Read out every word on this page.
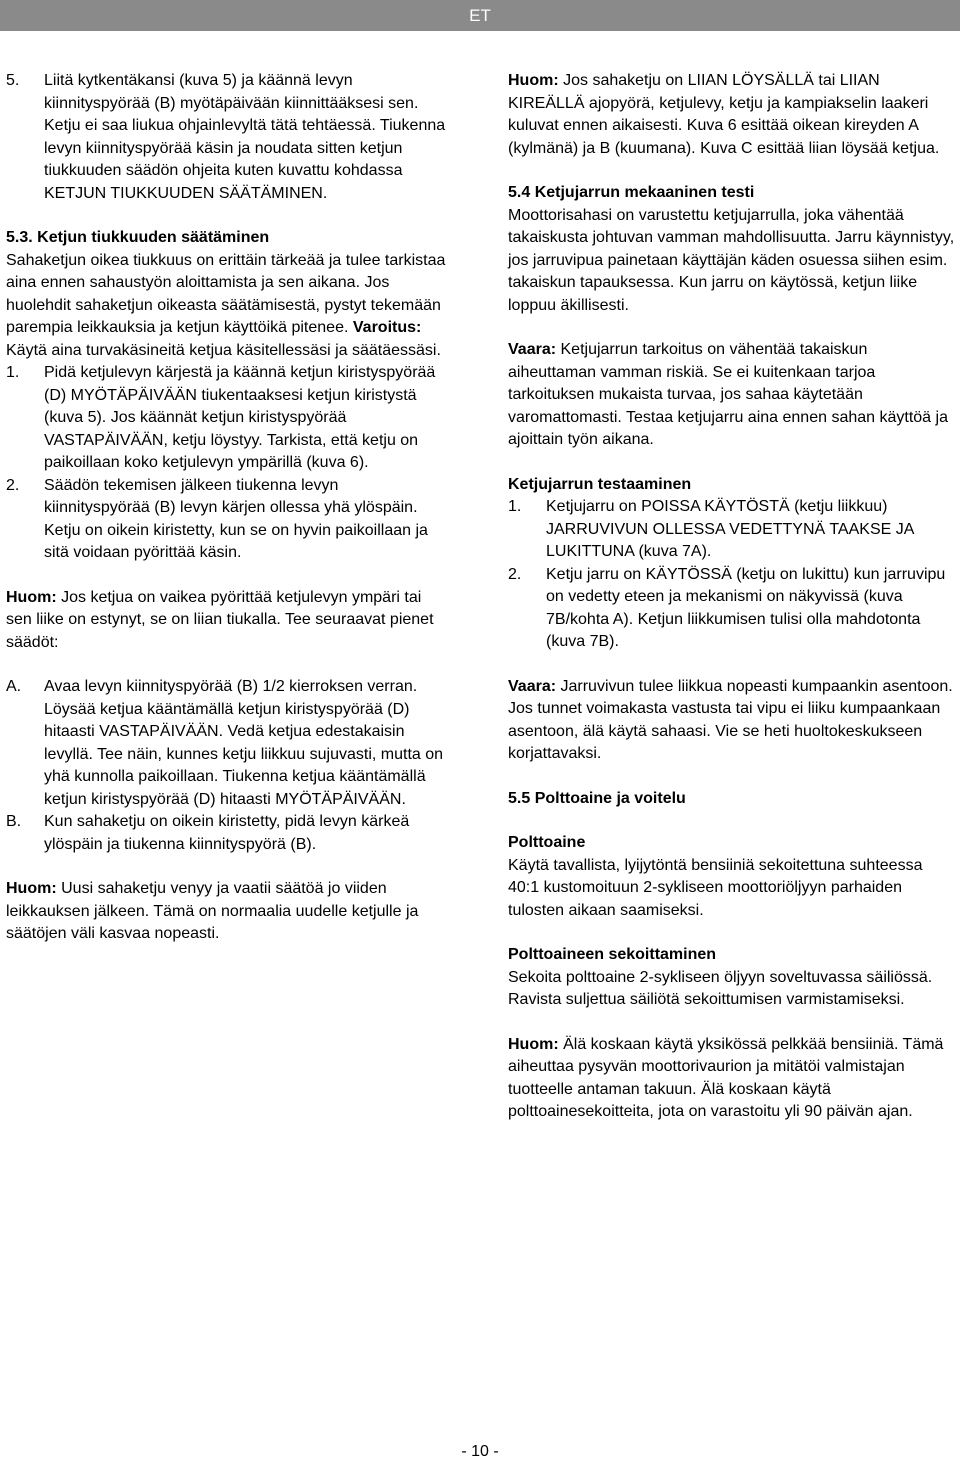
ET
5.	Liitä kytkentäkansi (kuva 5) ja käännä levyn kiinnityspyörää (B) myötäpäivään kiinnittääksesi sen. Ketju ei saa liukua ohjainlevyltä tätä tehtäessä. Tiukenna levyn kiinnityspyörää käsin ja noudata sitten ketjun tiukkuuden säädön ohjeita kuten kuvattu kohdassa KETJUN TIUKKUUDEN SÄÄTÄMINEN.

5.3. Ketjun tiukkuuden säätäminen

Sahaketjun oikea tiukkuus on erittäin tärkeää ja tulee tarkistaa aina ennen sahaustyön aloittamista ja sen aikana. Jos huolehdit sahaketjun oikeasta säätämisestä, pystyt tekemään parempia leikkauksia ja ketjun käyttöikä pitenee. Varoitus: Käytä aina turvakäsineitä ketjua käsitellessäsi ja säätäessäsi.

1.	Pidä ketjulevyn kärjestä ja käännä ketjun kiristyspyörää (D) MYÖTÄPÄIVÄÄN tiukentaaksesi ketjun kiristystä (kuva 5). Jos käännät ketjun kiristyspyörää VASTAPÄIVÄÄN, ketju löystyy. Tarkista, että ketju on paikoillaan koko ketjulevyn ympärillä (kuva 6).
2.	Säädön tekemisen jälkeen tiukenna levyn kiinnityspyörää (B) levyn kärjen ollessa yhä ylöspäin. Ketju on oikein kiristetty, kun se on hyvin paikoillaan ja sitä voidaan pyörittää käsin.

Huom: Jos ketjua on vaikea pyörittää ketjulevyn ympäri tai sen liike on estynyt, se on liian tiukalla. Tee seuraavat pienet säädöt:

A.	Avaa levyn kiinnityspyörää (B) 1/2 kierroksen verran. Löysää ketjua kääntämällä ketjun kiristyspyörää (D) hitaasti VASTAPÄIVÄÄN. Vedä ketjua edestakaisin levyllä. Tee näin, kunnes ketju liikkuu sujuvasti, mutta on yhä kunnolla paikoillaan. Tiukenna ketjua kääntämällä ketjun kiristyspyörää (D) hitaasti MYÖTÄPÄIVÄÄN.
B.	Kun sahaketju on oikein kiristetty, pidä levyn kärkeä ylöspäin ja tiukenna kiinnityspyörä (B).

Huom: Uusi sahaketju venyy ja vaatii säätöä jo viiden leikkauksen jälkeen. Tämä on normaalia uudelle ketjulle ja säätöjen väli kasvaa nopeasti.

Huom: Jos sahaketju on LIIAN LÖYSÄLLÄ tai LIIAN KIREÄLLÄ ajopyörä, ketjulevy, ketju ja kampiakselin laakeri kuluvat ennen aikaisesti. Kuva 6 esittää oikean kireyden A (kylmänä) ja B (kuumana). Kuva C esittää liian löysää ketjua.

5.4 Ketjujarrun mekaaninen testi

Moottorisahasi on varustettu ketjujarrulla, joka vähentää takaiskusta johtuvan vamman mahdollisuutta. Jarru käynnistyy, jos jarruvipua painetaan käyttäjän käden osuessa siihen esim. takaiskun tapauksessa. Kun jarru on käytössä, ketjun liike loppuu äkillisesti.

Vaara: Ketjujarrun tarkoitus on vähentää takaiskun aiheuttaman vamman riskiä. Se ei kuitenkaan tarjoa tarkoituksen mukaista turvaa, jos sahaa käytetään varomattomasti. Testaa ketjujarru aina ennen sahan käyttöä ja ajoittain työn aikana.

Ketjujarrun testaaminen

1.	Ketjujarru on POISSA KÄYTÖSTÄ (ketju liikkuu) JARRUVIVUN OLLESSA VEDETTYNÄ TAAKSE JA LUKITTUNA (kuva 7A).
2.	Ketju jarru on KÄYTÖSSÄ (ketju on lukittu) kun jarruvipu on vedetty eteen ja mekanismi on näkyvissä (kuva 7B/kohta A). Ketjun liikkumisen tulisi olla mahdotonta (kuva 7B).

Vaara: Jarruvivun tulee liikkua nopeasti kumpaankin asentoon. Jos tunnet voimakasta vastusta tai vipu ei liiku kumpaankaan asentoon, älä käytä sahaasi. Vie se heti huoltokeskukseen korjattavaksi.

5.5 Polttoaine ja voitelu

Polttoaine

Käytä tavallista, lyijytöntä bensiiniä sekoitettuna suhteessa 40:1 kustomoituun 2-sykliseen moottoriöljyyn parhaiden tulosten aikaan saamiseksi.

Polttoaineen sekoittaminen

Sekoita polttoaine 2-sykliseen öljyyn soveltuvassa säiliössä. Ravista suljettua säiliötä sekoittumisen varmistamiseksi.

Huom: Älä koskaan käytä yksikössä pelkkää bensiiniä. Tämä aiheuttaa pysyvän moottorivaurion ja mitätöi valmistajan tuotteelle antaman takuun. Älä koskaan käytä polttoainesekoitteita, jota on varastoitu yli 90 päivän ajan.

- 10 -
